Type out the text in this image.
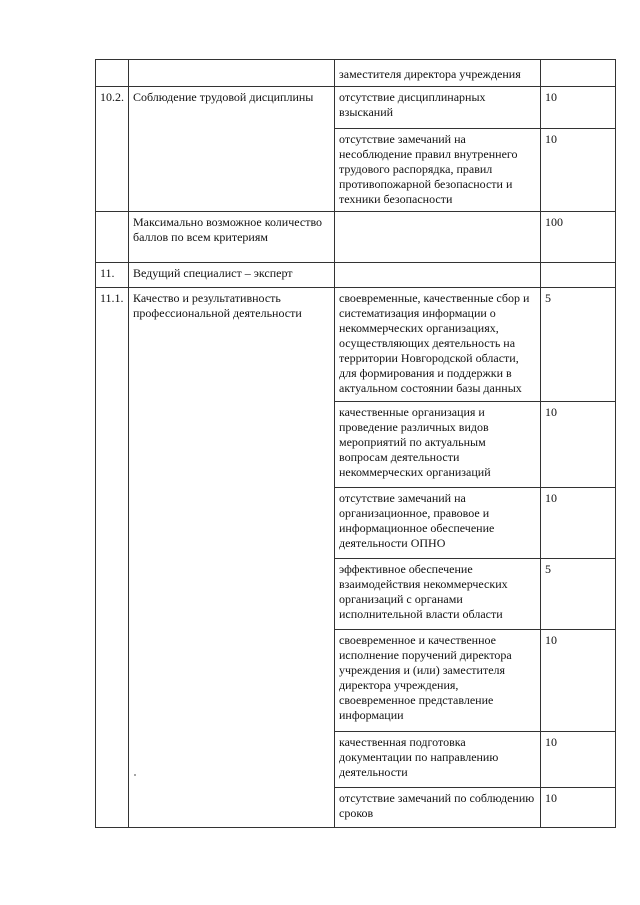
		заместителя директора учреждения	
10.2.	Соблюдение трудовой дисциплины	отсутствие дисциплинарных взысканий	10
		отсутствие замечаний на несоблюдение правил внутреннего трудового распорядка, правил противопожарной безопасности и техники безопасности	10
	Максимально возможное количество баллов по всем критериям		100
11.	Ведущий специалист – эксперт		
11.1.	Качество и результативность профессиональной деятельности	своевременные, качественные сбор и систематизация информации о некоммерческих организациях, осуществляющих деятельность на территории Новгородской области, для формирования и поддержки в актуальном состоянии базы данных	5
		качественные организация и проведение различных видов мероприятий по актуальным вопросам деятельности некоммерческих организаций	10
		отсутствие замечаний на организационное, правовое и информационное обеспечение деятельности ОПНО	10
		эффективное обеспечение взаимодействия некоммерческих организаций с органами исполнительной власти области	5
		своевременное и качественное исполнение поручений директора учреждения и (или) заместителя директора учреждения, своевременное представление информации	10
		качественная подготовка документации по направлению деятельности	10
		отсутствие замечаний по соблюдению сроков	10
